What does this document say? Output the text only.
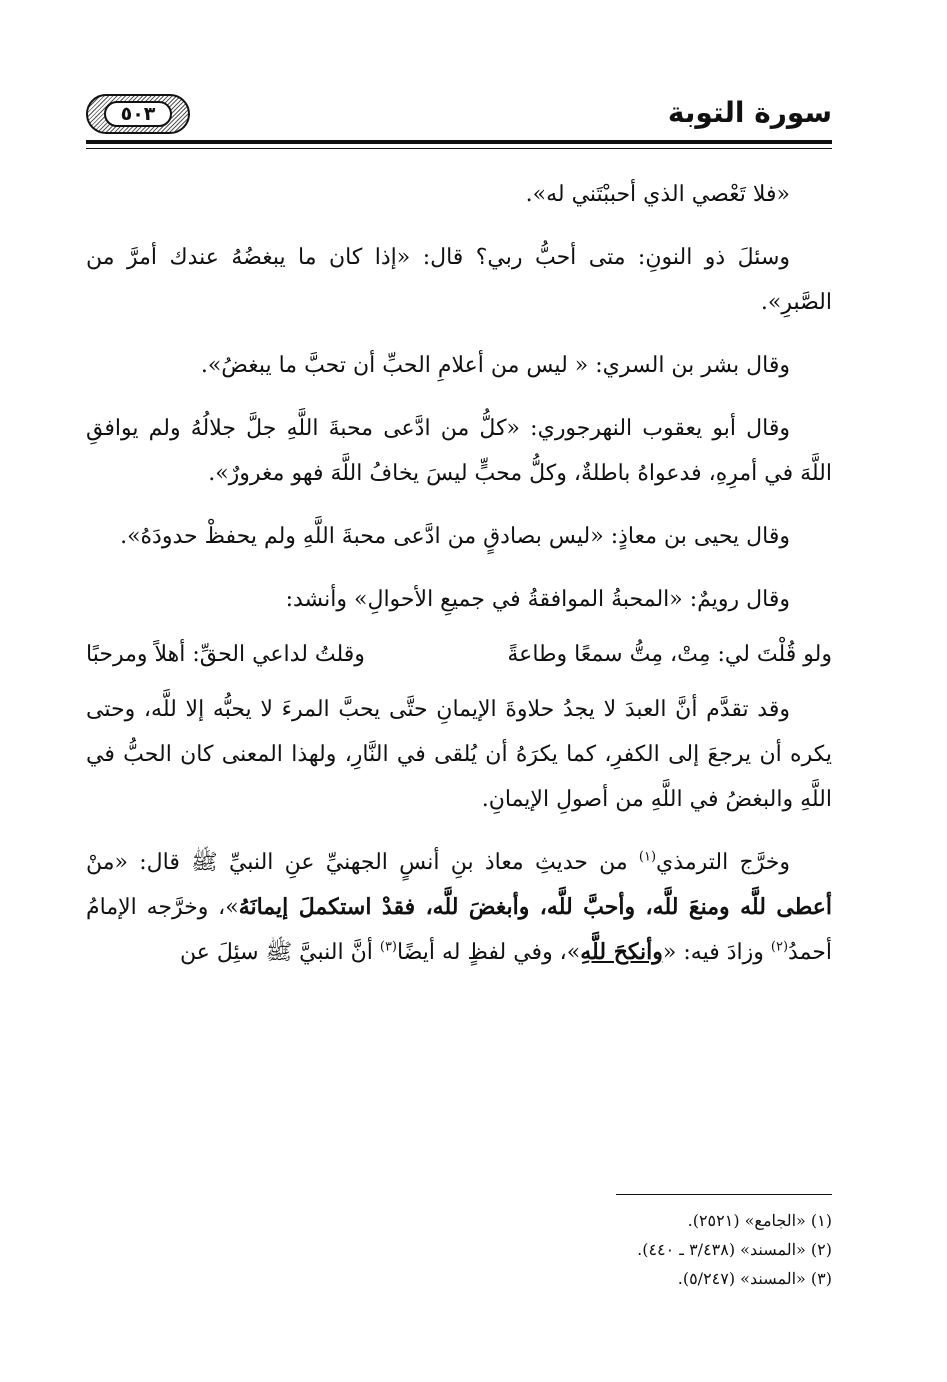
سورة التوبة
٥٠٣

«فلا تَعْصي الذي أحببْتَني له».

وسئلَ ذو النونِ: متى أحبُّ ربي؟ قال: «إذا كان ما يبغضُهُ عندك أمرَّ من الصَّبرِ».

وقال بشر بن السري: « ليس من أعلامِ الحبِّ أن تحبَّ ما يبغضُ».

وقال أبو يعقوب النهرجوري: «كلُّ من ادَّعى محبةَ اللَّهِ جلَّ جلالُهُ ولم يوافقِ اللَّهَ في أمرِهِ، فدعواهُ باطلةٌ، وكلُّ محبٍّ ليسَ يخافُ اللَّهَ فهو مغرورٌ».

وقال يحيى بن معاذٍ: «ليس بصادقٍ من ادَّعى محبةَ اللَّهِ ولم يحفظْ حدودَهُ».

وقال رويمٌ: «المحبةُ الموافقةُ في جميعِ الأحوالِ» وأنشد:

ولو قُلْتَ لي: مِتْ، مِتُّ سمعًا وطاعةً
وقلتُ لداعي الحقِّ: أهلاً ومرحبًا

وقد تقدَّم أنَّ العبدَ لا يجدُ حلاوةَ الإيمانِ حتَّى يحبَّ المرءَ لا يحبُّه إلا للَّه، وحتى يكره أن يرجعَ إلى الكفرِ، كما يكرَهُ أن يُلقى في النَّارِ، ولهذا المعنى كان الحبُّ في اللَّهِ والبغضُ في اللَّهِ من أصولِ الإيمانِ.

وخرَّج الترمذي$^{(١)}$ من حديثِ معاذ بنِ أنسٍ الجهنيِّ عنِ النبيِّ ﷺ قال: «منْ أعطى للَّه ومنعَ للَّه، وأحبَّ للَّه، وأبغضَ للَّه، فقدْ استكملَ إيمانَهُ»، وخرَّجه الإمامُ أحمدُ$^{(٢)}$ وزادَ فيه: «وأنكحَ للَّهِ»، وفي لفظٍ له أيضًا$^{(٣)}$ أنَّ النبيَّ ﷺ سئِلَ عن

(١) «الجامع» (٢٥٢١).
(٢) «المسند» (٣/٤٣٨ ـ ٤٤٠).
(٣) «المسند» (٥/٢٤٧).
